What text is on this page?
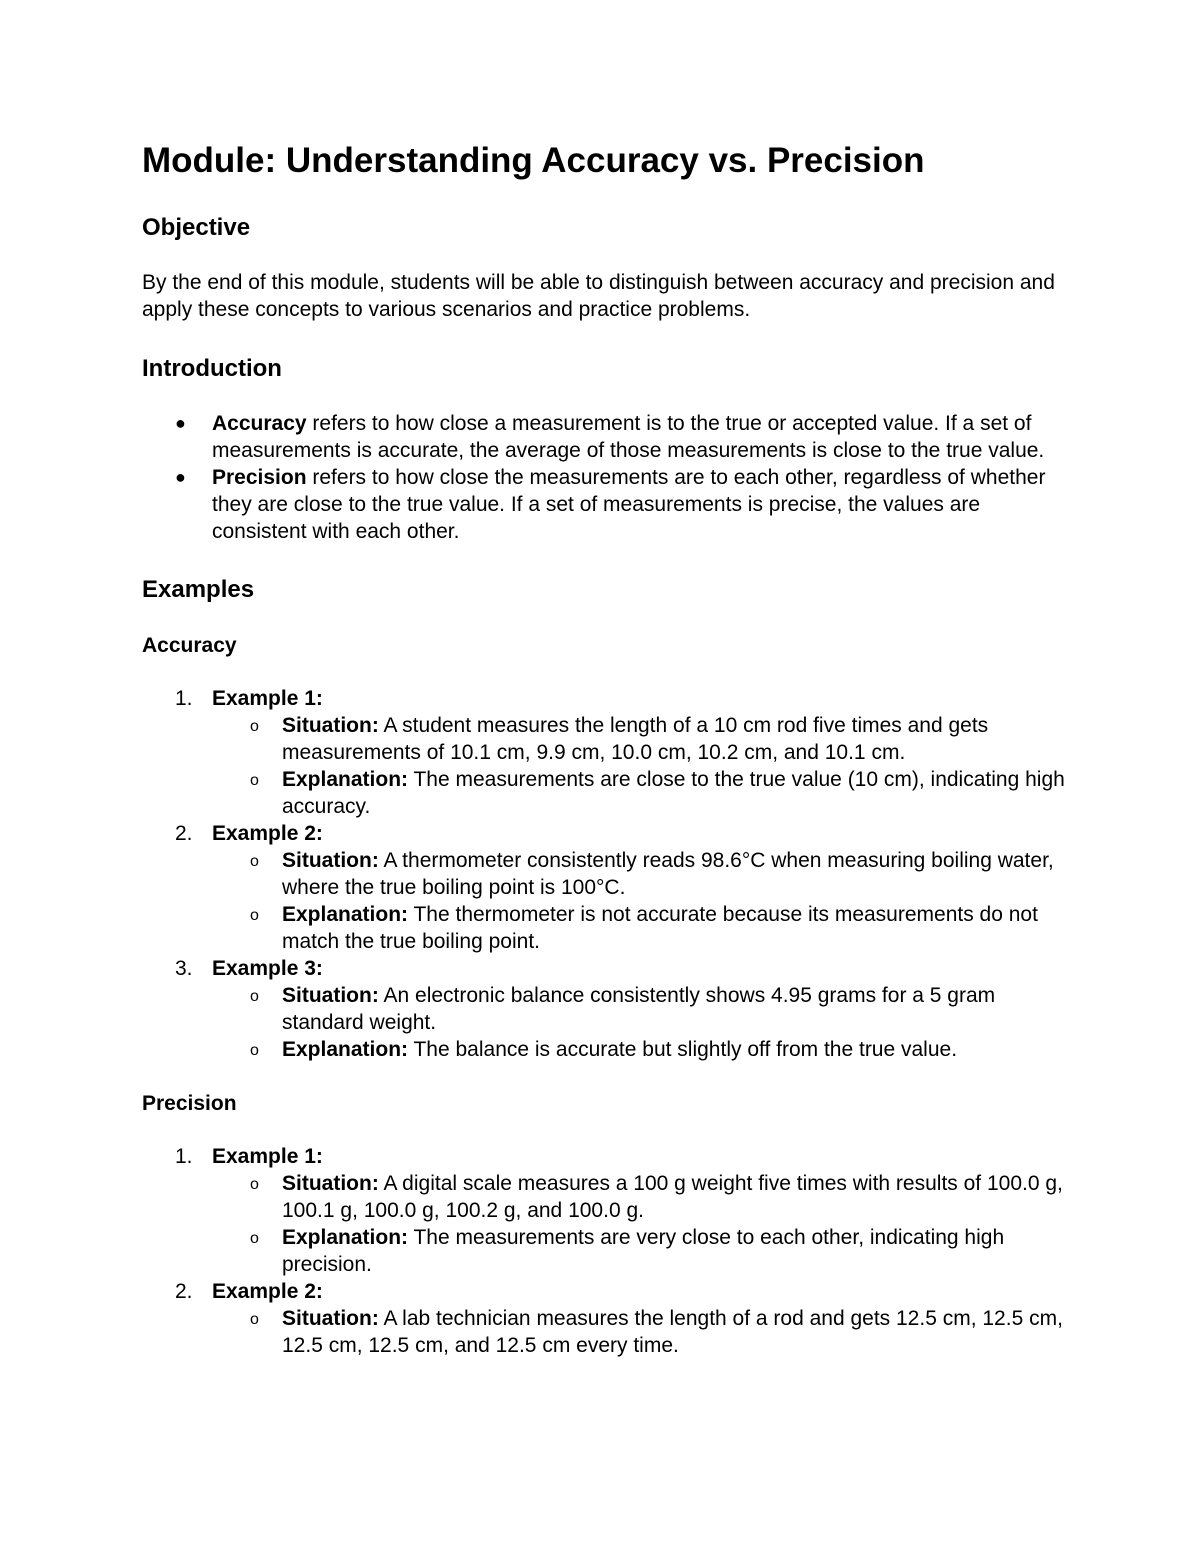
Module: Understanding Accuracy vs. Precision
Objective

By the end of this module, students will be able to distinguish between accuracy and precision and apply these concepts to various scenarios and practice problems.

Introduction
● Accuracy refers to how close a measurement is to the true or accepted value. If a set of measurements is accurate, the average of those measurements is close to the true value.
● Precision refers to how close the measurements are to each other, regardless of whether they are close to the true value. If a set of measurements is precise, the values are consistent with each other.
Examples
Accuracy
1. Example 1:
o Situation: A student measures the length of a 10 cm rod five times and gets measurements of 10.1 cm, 9.9 cm, 10.0 cm, 10.2 cm, and 10.1 cm.
o Explanation: The measurements are close to the true value (10 cm), indicating high accuracy.
2. Example 2:
o Situation: A thermometer consistently reads 98.6°C when measuring boiling water, where the true boiling point is 100°C.
o Explanation: The thermometer is not accurate because its measurements do not match the true boiling point.
3. Example 3:
o Situation: An electronic balance consistently shows 4.95 grams for a 5 gram standard weight.
o Explanation: The balance is accurate but slightly off from the true value.
Precision
1. Example 1:
o Situation: A digital scale measures a 100 g weight five times with results of 100.0 g, 100.1 g, 100.0 g, 100.2 g, and 100.0 g.
o Explanation: The measurements are very close to each other, indicating high precision.
2. Example 2:
o Situation: A lab technician measures the length of a rod and gets 12.5 cm, 12.5 cm, 12.5 cm, 12.5 cm, and 12.5 cm every time.
